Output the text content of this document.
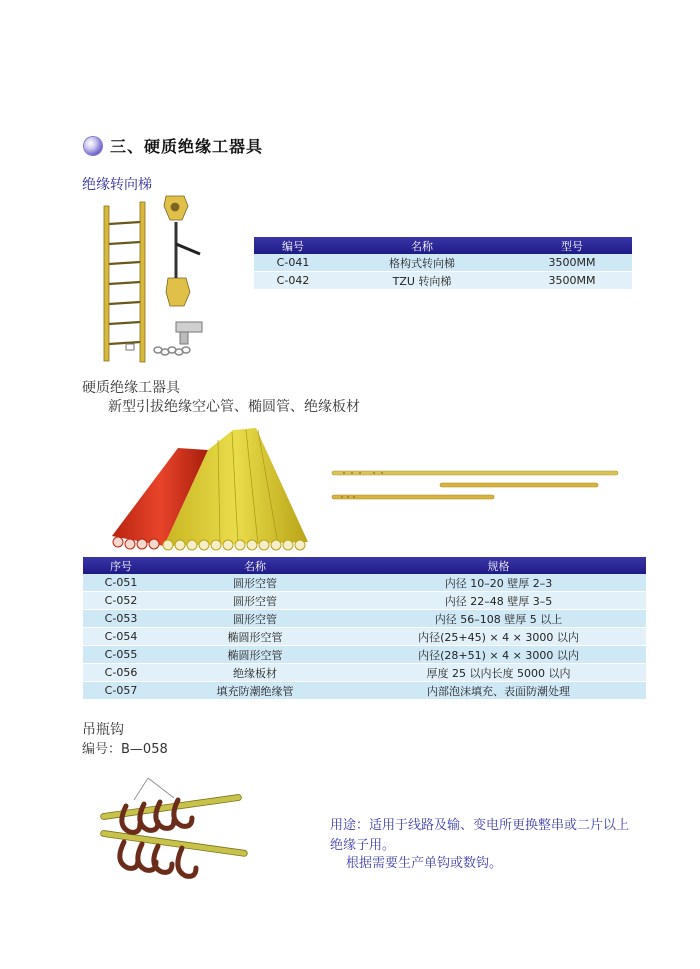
三、硬质绝缘工器具
绝缘转向梯
编号	名称	型号
C-041	格构式转向梯	3500MM
C-042	TZU 转向梯	3500MM
硬质绝缘工器具
新型引拔绝缘空心管、椭圆管、绝缘板材
序号	名称	规格
C-051	圆形空管	内径 10–20 壁厚 2–3
C-052	圆形空管	内径 22–48 壁厚 3–5
C-053	圆形空管	内径 56–108 壁厚 5 以上
C-054	椭圆形空管	内径(25+45) × 4 × 3000 以内
C-055	椭圆形空管	内径(28+51) × 4 × 3000 以内
C-056	绝缘板材	厚度 25 以内长度 5000 以内
C-057	填充防潮绝缘管	内部泡沫填充、表面防潮处理
吊瓶钩
编号：B—058
用途：适用于线路及输、变电所更换整串或二片以上
绝缘子用。
根据需要生产单钩或数钩。
